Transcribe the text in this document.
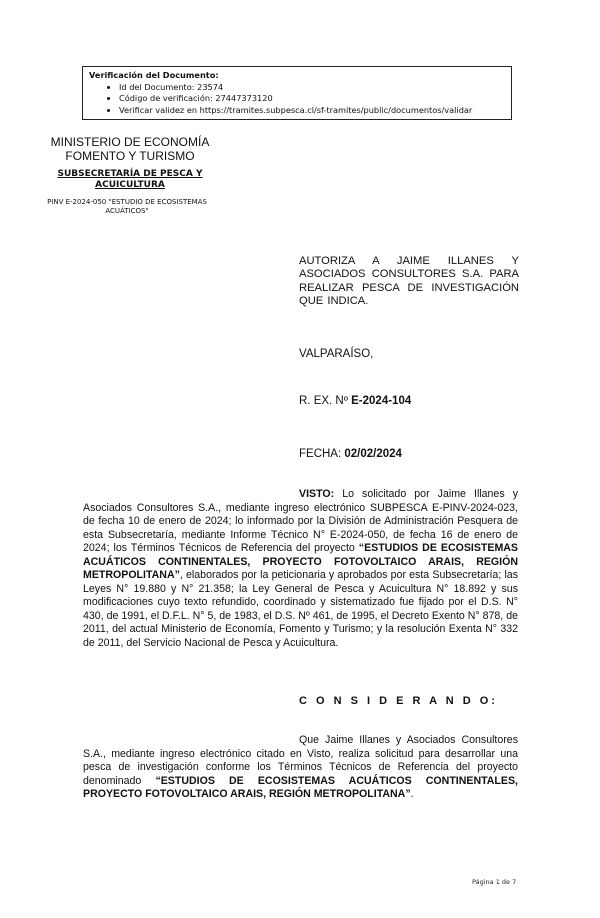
Verificación del Documento:
• Id del Documento: 23574
• Código de verificación: 27447373120
• Verificar validez en https://tramites.subpesca.cl/sf-tramites/public/documentos/validar
MINISTERIO DE ECONOMÍA
FOMENTO Y TURISMO
SUBSECRETARÍA DE PESCA Y
ACUICULTURA
PINV E-2024-050 "ESTUDIO DE ECOSISTEMAS
ACUÁTICOS"
AUTORIZA A JAIME ILLANES Y ASOCIADOS CONSULTORES S.A. PARA REALIZAR PESCA DE INVESTIGACIÓN QUE INDICA.
VALPARAÍSO,
R. EX. Nº E-2024-104
FECHA: 02/02/2024

VISTO: Lo solicitado por Jaime Illanes y Asociados Consultores S.A., mediante ingreso electrónico SUBPESCA E-PINV-2024-023, de fecha 10 de enero de 2024; lo informado por la División de Administración Pesquera de esta Subsecretaría, mediante Informe Técnico N° E-2024-050, de fecha 16 de enero de 2024; los Términos Técnicos de Referencia del proyecto “ESTUDIOS DE ECOSISTEMAS ACUÁTICOS CONTINENTALES, PROYECTO FOTOVOLTAICO ARAIS, REGIÓN METROPOLITANA”, elaborados por la peticionaria y aprobados por esta Subsecretaría; las Leyes N° 19.880 y N° 21.358; la Ley General de Pesca y Acuicultura N° 18.892 y sus modificaciones cuyo texto refundido, coordinado y sistematizado fue fijado por el D.S. N° 430, de 1991, el D.F.L. N° 5, de 1983, el D.S. Nº 461, de 1995, el Decreto Exento N° 878, de 2011, del actual Ministerio de Economía, Fomento y Turismo; y la resolución Exenta N° 332 de 2011, del Servicio Nacional de Pesca y Acuicultura.

C O N S I D E R A N D O:

Que Jaime Illanes y Asociados Consultores S.A., mediante ingreso electrónico citado en Visto, realiza solicitud para desarrollar una pesca de investigación conforme los Términos Técnicos de Referencia del proyecto denominado “ESTUDIOS DE ECOSISTEMAS ACUÁTICOS CONTINENTALES, PROYECTO FOTOVOLTAICO ARAIS, REGIÓN METROPOLITANA”.

Página 1 de 7
